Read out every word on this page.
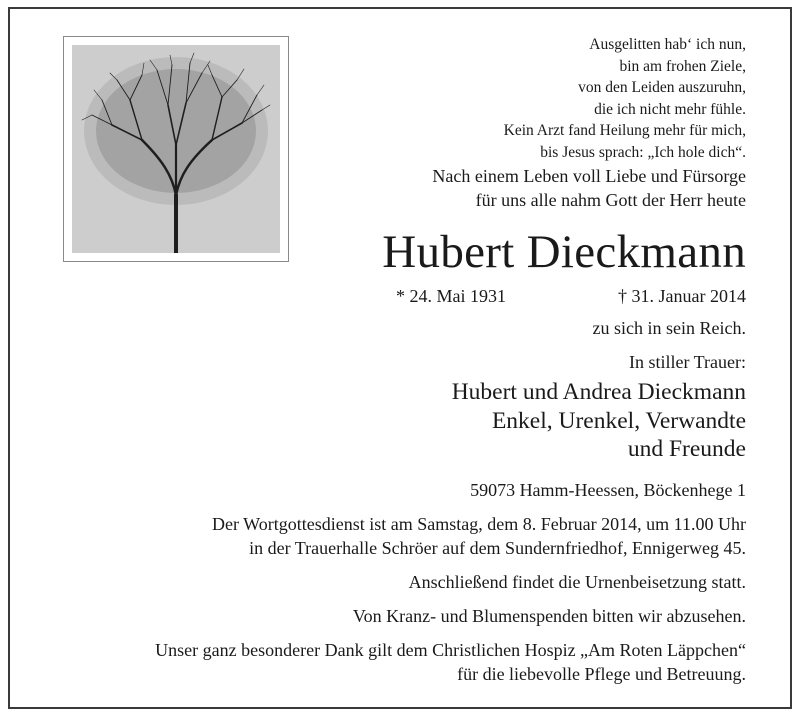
Ausgelitten hab‘ ich nun,
bin am frohen Ziele,
von den Leiden auszuruhn,
die ich nicht mehr fühle.
Kein Arzt fand Heilung mehr für mich,
bis Jesus sprach: „Ich hole dich“.
Nach einem Leben voll Liebe und Fürsorge
für uns alle nahm Gott der Herr heute
Hubert Dieckmann
* 24. Mai 1931	† 31. Januar 2014
zu sich in sein Reich.
In stiller Trauer:
Hubert und Andrea Dieckmann
Enkel, Urenkel, Verwandte
und Freunde
59073 Hamm-Heessen, Böckenhege 1
Der Wortgottesdienst ist am Samstag, dem 8. Februar 2014, um 11.00 Uhr
in der Trauerhalle Schröer auf dem Sundernfriedhof, Ennigerweg 45.
Anschließend findet die Urnenbeisetzung statt.
Von Kranz- und Blumenspenden bitten wir abzusehen.
Unser ganz besonderer Dank gilt dem Christlichen Hospiz „Am Roten Läppchen“
für die liebevolle Pflege und Betreuung.
